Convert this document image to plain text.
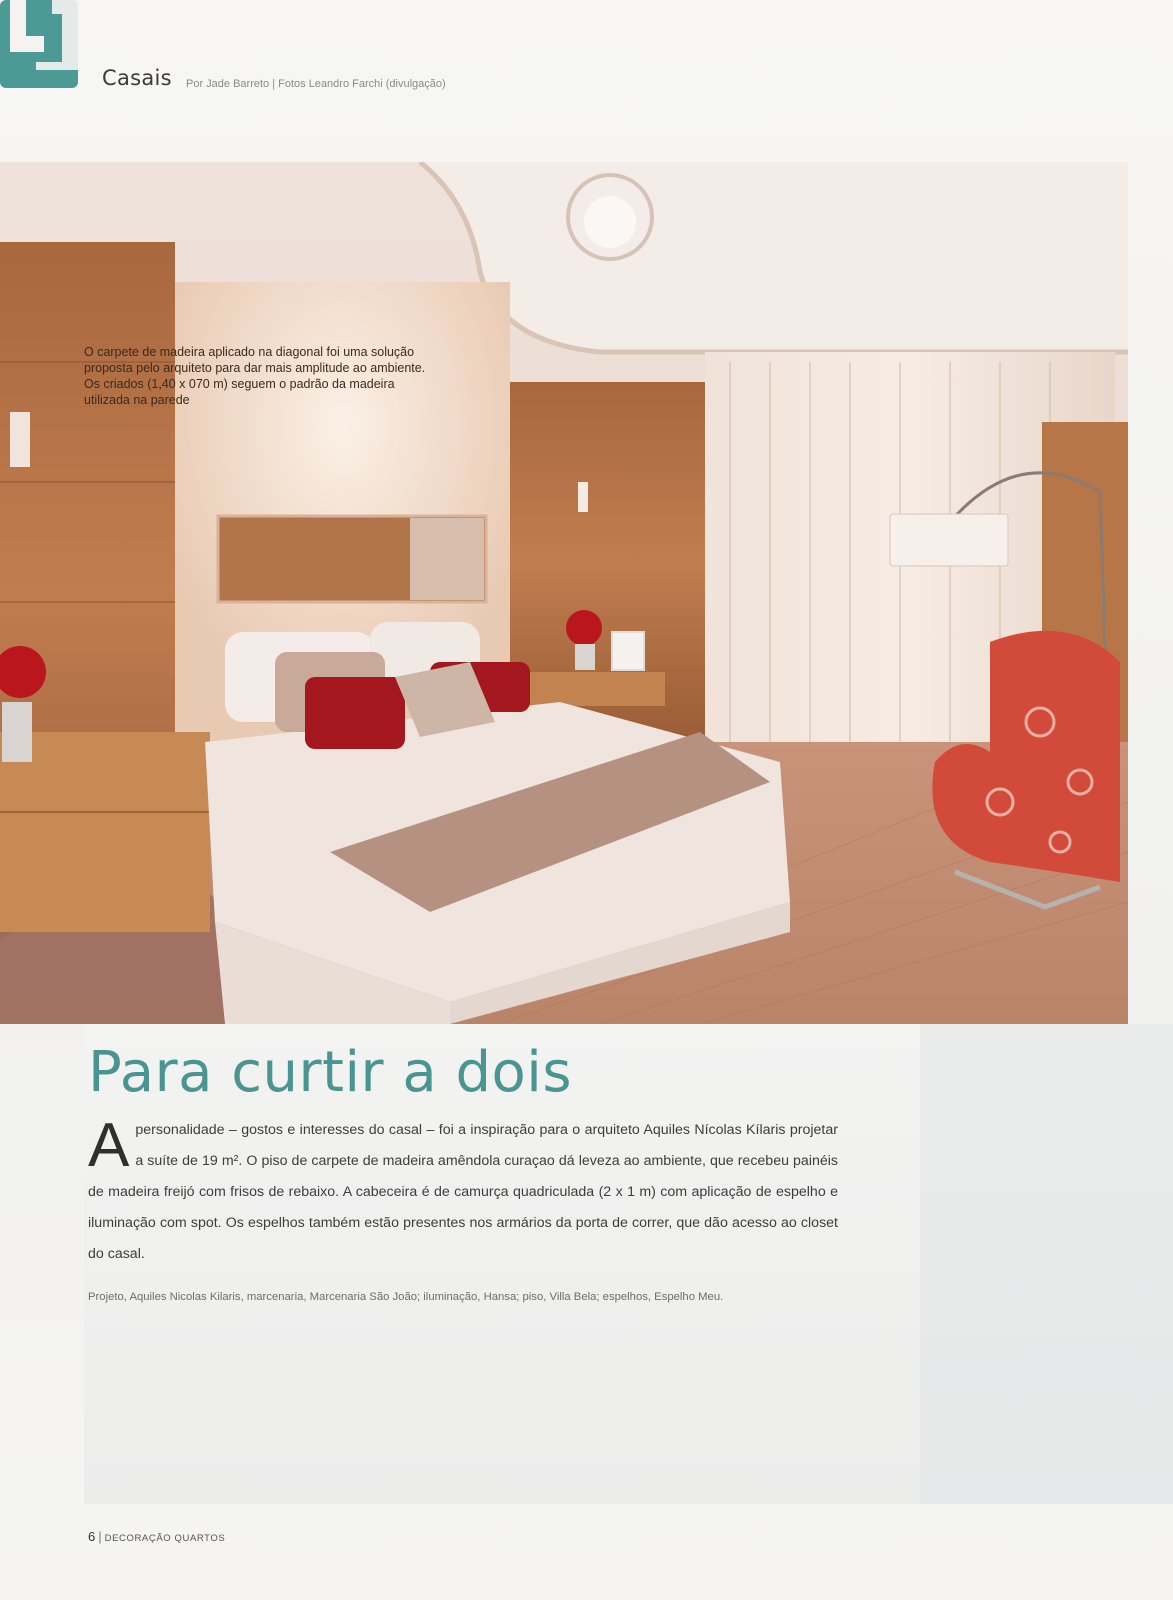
Casais Por Jade Barreto | Fotos Leandro Farchi (divulgação)

O carpete de madeira aplicado na diagonal foi uma solução proposta pelo arquiteto para dar mais amplitude ao ambiente. Os criados (1,40 x 070 m) seguem o padrão da madeira utilizada na parede

Para curtir a dois

A personalidade – gostos e interesses do casal – foi a inspiração para o arquiteto Aquiles Nícolas Kílaris projetar a suíte de 19 m². O piso de carpete de madeira amêndola curaçao dá leveza ao ambiente, que recebeu painéis de madeira freijó com frisos de rebaixo. A cabeceira é de camurça quadriculada (2 x 1 m) com aplicação de espelho e iluminação com spot. Os espelhos também estão presentes nos armários da porta de correr, que dão acesso ao closet do casal.

Projeto, Aquiles Nicolas Kilaris, marcenaria, Marcenaria São João; iluminação, Hansa; piso, Villa Bela; espelhos, Espelho Meu.

6 | DECORAÇÃO QUARTOS
